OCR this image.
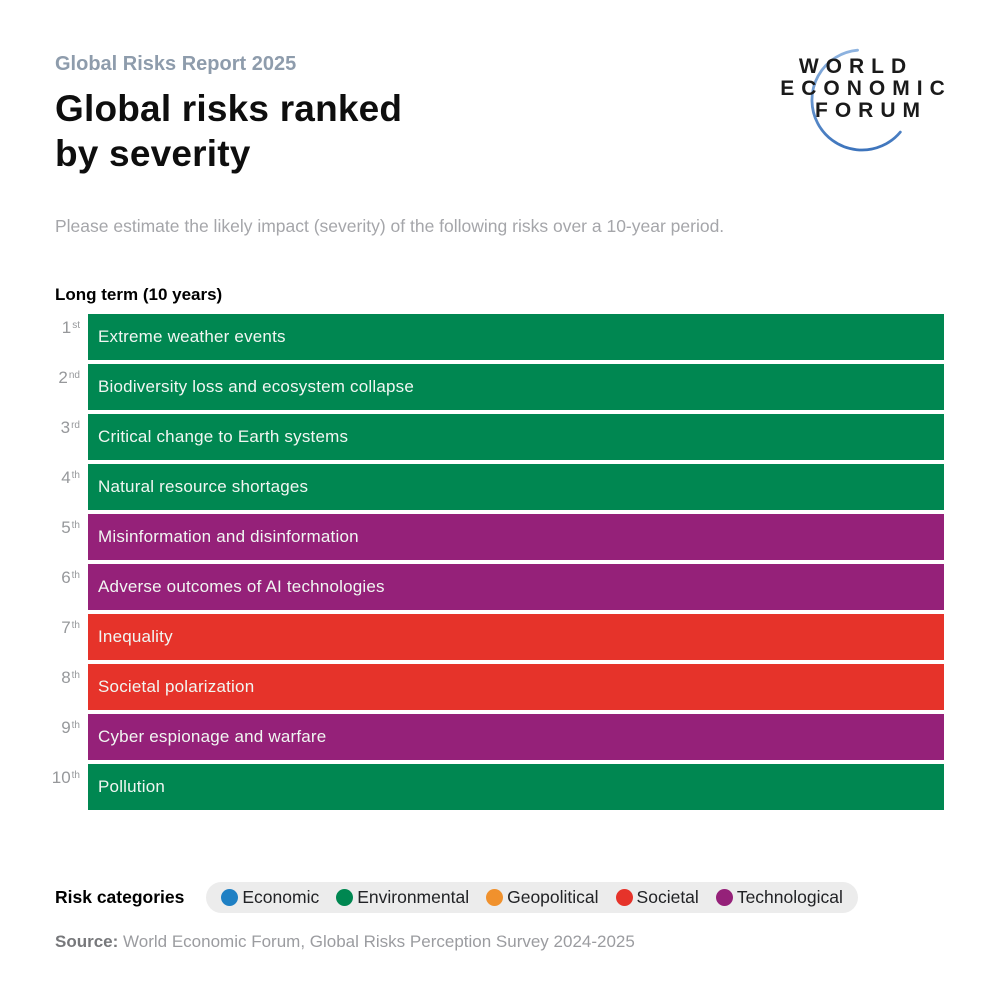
Global Risks Report 2025
Global risks ranked
by severity
WORLD
ECONOMIC
FORUM
Please estimate the likely impact (severity) of the following risks over a 10-year period.
Long term (10 years)
1st
Extreme weather events
2nd
Biodiversity loss and ecosystem collapse
3rd
Critical change to Earth systems
4th
Natural resource shortages
5th
Misinformation and disinformation
6th
Adverse outcomes of AI technologies
7th
Inequality
8th
Societal polarization
9th
Cyber espionage and warfare
10th
Pollution
Risk categories	Economic Environmental Geopolitical Societal Technological
Source: World Economic Forum, Global Risks Perception Survey 2024-2025
